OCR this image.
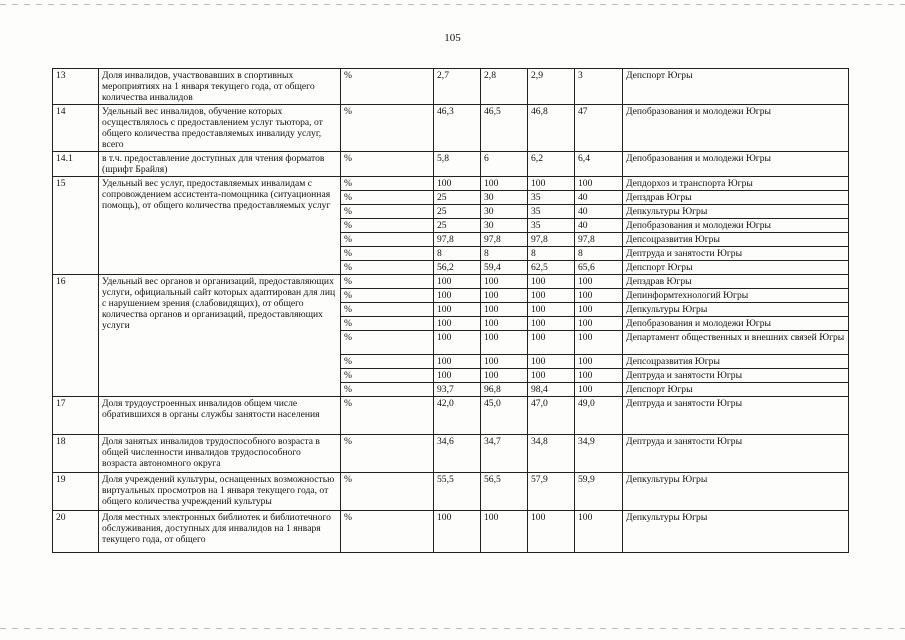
105
13	Доля инвалидов, участвовавших в спортивных мероприятиях на 1 января текущего года, от общего количества инвалидов	%	2,7	2,8	2,9	3	Депспорт Югры
14	Удельный вес инвалидов, обучение которых осуществлялось с предоставлением услуг тьютора, от общего количества предоставляемых инвалиду услуг, всего	%	46,3	46,5	46,8	47	Депобразования и молодежи Югры
14.1	в т.ч. предоставление доступных для чтения форматов (шрифт Брайля)	%	5,8	6	6,2	6,4	Депобразования и молодежи Югры
15	Удельный вес услуг, предоставляемых инвалидам с сопровождением ассистента-помощника (ситуационная помощь), от общего количества предоставляемых услуг	%	100	100	100	100	Депдорхоз и транспорта Югры
		%	25	30	35	40	Депздрав Югры
		%	25	30	35	40	Депкультуры Югры
		%	25	30	35	40	Депобразования и молодежи Югры
		%	97,8	97,8	97,8	97,8	Депсоцразвития Югры
		%	8	8	8	8	Дептруда и занятости Югры
		%	56,2	59,4	62,5	65,6	Депспорт Югры
16	Удельный вес органов и организаций, предоставляющих услуги, официальный сайт которых адаптирован для лиц с нарушением зрения (слабовидящих), от общего количества органов и организаций, предоставляющих услуги	%	100	100	100	100	Депздрав Югры
		%	100	100	100	100	Депинформтехнологий Югры
		%	100	100	100	100	Депкультуры Югры
		%	100	100	100	100	Депобразования и молодежи Югры
		%	100	100	100	100	Департамент общественных и внешних связей Югры
		%	100	100	100	100	Депсоцразвития Югры
		%	100	100	100	100	Дептруда и занятости Югры
		%	93,7	96,8	98,4	100	Депспорт Югры
17	Доля трудоустроенных инвалидов общем числе обратившихся в органы службы занятости населения	%	42,0	45,0	47,0	49,0	Дептруда и занятости Югры
18	Доля занятых инвалидов трудоспособного возраста в общей численности инвалидов трудоспособного возраста автономного округа	%	34,6	34,7	34,8	34,9	Дептруда и занятости Югры
19	Доля учреждений культуры, оснащенных возможностью виртуальных просмотров на 1 января текущего года, от общего количества учреждений культуры	%	55,5	56,5	57,9	59,9	Депкультуры Югры
20	Доля местных электронных библиотек и библиотечного обслуживания, доступных для инвалидов на 1 января текущего года, от общего	%	100	100	100	100	Депкультуры Югры
